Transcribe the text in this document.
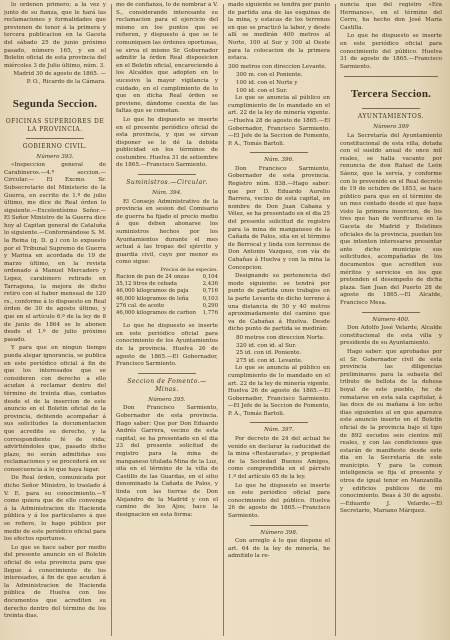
lo ordenen primero; a la vez y junto de su fianza, que le hará las reclamaciones y formalidades que previenen de tenor á la primera y tercera publicacion en la Gaceta del sábado 25 de junio próximo pasado, número 165, y en el Boletin oficial de esta provincia del miércoles 3 de Julio último, núm. 3.

Madrid 30 de agosto de 1865. —P. O., Ricardo de la Cámara.

Segunda Seccion.
OFICINAS SUPERIORES DE LA PROVINCIA.
GOBIERNO CIVIL.
Número 393.

«Inspeccion general de Carabineros.—4.ª seccion.—Circular.— El Excmo. Sr. Subsecretario del Ministerio de la Guerra, en escrito de 1.º de julio último, me dice de Real órden lo siguiente.—Excelentísimo Señor.—El Señor Ministro de la Guerra dice hoy al Capitan general de Cataluña lo siguiente.—Conformándose S. M. la Reina (q. D. g.) con lo expuesto por el Tribunal Supremo de Guerra y Marina en acordada de 19 de marzo último, en la revista ordenado á Manuel Mercadero y Lopez, carabinero retirado en Tarragona, la mejora de dicho retiro con el haber mensual de 120 rs., conforme á lo dispuesto en Real órden de 30 de agosto último, y que en el artículo 6.º de la ley de 8 de junio de 1864 se le abonen desde el 1.º de julio próximo pasado.

Y para que en ningun tiempo pueda alegar ignorancia, se publica en este periódico oficial á fin de que los interesados que se consideren con derecho a ello acudan á reclamar dentro del término de treinta dias, contados desde el de la insercion de este anuncio en el Boletin oficial de la provincia, debiendo acompañar á sus solicitudes la documentacion que acredite su derecho, y la correspondiente fé de vida; advirtiéndoles que, pasado dicho plazo, no serán admitidas sus reclamaciones y se procederá en su consecuencia á lo que haya lugar.

De Real órden, comunicada por dicho Señor Ministro, lo traslado á V. E. para su conocimiento.—Y como quiera que de ello convenga á la Administracion de Hacienda pública y á los particulares á que se refiere, lo hago público por medio de este periódico oficial para los efectos oportunos.

Lo que se hace saber por medio del presente anuncio en el Boletin oficial de esta provincia para que llegue á conocimiento de los interesados, á fin de que acudan á la Administracion de Hacienda pública de Huelva con los documentos que acrediten su derecho dentro del término de los treinta dias.

mo de confianza, lo de nombrar á V. S., considerando interesante su reclamacion para el ejercicio del mismo en los puntos que se refieren, y dispuesto á que se le comuniquen las órdenes oportunas, se sirva el mismo Sr. Gobernador admitir la órden Real disposicion en el Boletin oficial, encareciendo á los Alcaldes que adopten en lo sucesivo la mayor vigilancia y cuidado, en el cumplimiento de lo que en dicha Real órden se previene, dándome cuenta de las faltas que se cometan.

Lo que he dispuesto se inserte en el presente periódico oficial de esta provincia, y que se sirvan disponer se le dé la debida publicidad en los términos de costumbre. Huelva 31 de setiembre de 1865.—Francisco Sarmiento.

Suministros.—Circular.
Núm. 394.

El Consejo Administrativo de la provincia en sesion del Comisario de guerra ha fijado el precio medio á que deben abonarse los suministros hechos por los Ayuntamientos durante el mes actual á las tropas del ejército y guardia civil, cuyo por menor es como sigue:

Precios de las especies.
Racion de pan de 24 onzas	0,104
35,12 litros de cebada	2,436
46,000 kilogramos de paja	0,716
46,000 kilogramos de leña	0,103
276 cal. de aceite	0,290
46,000 kilogramos de carbon	1,776

Lo que he dispuesto se inserte en este periódico oficial para conocimiento de los Ayuntamientos de la provincia. Huelva 26 de agosto de 1865.—El Gobernador, Francisco Sarmiento.

Seccion de Fomento.—Minas.
Número 395.

Don Francisco Sarmiento, Gobernador de esta provincia. Hago saber: Que por Don Eduardo Andrés Garrera, vecino de esta capital, se ha presentado en el dia 23 del presente solicitud de registro para la mina de manganeso titulada Mina de la Luz, sita en el término de la villa de Castillo de las Guardas, en el sitio denominado la Cañada de Palos, y linda con las tierras de Don Alejandro de la Madrid y con el camino de los Ajos; hace la designacion en esta forma:

mado siguiente se tendrá por punto de partida una de las esquinas de la mina, y estacas de los terrenos en que se practicó la labor, y desde allí se medirán 400 metros al Norte, 100 al Sur y 100 al Oeste para la colocacion de la primera estaca.

300 metros con direccion Levante.

300 m. con el Poniente.
100 id. con el Norte y
100 id. con el Sur.

Lo que se anuncia al público en cumplimiento de lo mandado en el art. 22 de la ley de minería vigente.—Huelva 28 de agosto de 1865.—El Gobernador, Francisco Sarmiento.—El Jefe de la Seccion de Fomento, P. A., Tomás Bartoli.

Núm. 396.

Don Francisco Sarmiento, Gobernador de esta provincia. Registro núm. 838.—Hago saber: que por D. Eduardo Aurelio Barrera, vecino de esta capital, en nombre de Don Juan Cabana y Vélez, se ha presentado en el dia 25 del presente solicitud de registro para la mina de manganeso de la Cañada de Palos, sita en el término de Berrocal y linda con terrenos de Don Antonio Vazquez, con vía de Cabañas á Huelva y con la mina la Concepcion.

Designando su pertenencia del modo siguiente: se tendrá por punto de partida unos trabajos en la parte Levante de dicho terreno á una distancia de 50 y 40 metros aproximadamente del camino que va de Cabañas á Huelva. Desde dicho punto de partida se medirán:

80 metros con direccion Norte.
320 id. con id. al Sur.
25 id. con id. Poniente.
275 id. con id. Levante.

Lo que se anuncia al público en cumplimiento de lo mandado en el art. 22 de la ley de minería vigente. Huelva 26 de agosto de 1865.—El Gobernador, Francisco Sarmiento.—El Jefe de la Seccion de Fomento, P. A., Tomás Bartoli.

Núm. 397.

Por decreto de 24 del actual he venido en declarar la caducidad de la mina «Restaurada», y propiedad de la Sociedad Buenos Amigos, como comprendida en el párrafo 1.º del artículo 65 de la ley.

Lo que he dispuesto se inserte en este periódico oficial para conocimiento del público. Huelva 26 de agosto de 1865.—Francisco Sarmiento.

Número 398.

Con arreglo á lo que dispone el art. 64 de la ley de minería, he admitido la re-

nuncia que del registro «Era Hermanos», en el término del Cerro, ha hecho don José María Castilla.

Lo que he dispuesto se inserte en este periódico oficial para conocimiento del público. Huelva 31 de agosto de 1865.—Francisco Sarmiento.

Tercera Seccion.
AYUNTAMIENTOS.
Número 399

La Secretaría del Ayuntamiento constitucional de esta villa, dotada con el sueldo anual de once mil reales, se halla vacante por renuncia de don Rafael de León Sáenz, que la servía, y conforme con lo prevenido en el Real decreto de 19 de octubre de 1853, se hace público para que en el término de un mes contado desde el que haya visto la primera insercion, de los tres que han de verificarse en la Gaceta de Madrid y Boletines oficiales de la provincia, puedan los que intenten interesarse presentar ante dicho municipio sus solicitudes, acompañadas de los documentos que acrediten sus méritos y servicios en los que pretenden el desempeño de dicha plaza. San Juan del Puerto 28 de agosto de 1865.—El Alcalde, Francisco Mesa.

Número 400.

Don Adolfo José Velarde, Alcalde constitucional de esta villa y presidente de su Ayuntamiento.

Hago saber: que aprobadas por el Sr. Gobernador civil de esta provincia las diligencias preliminares para la subasta del tributo de bellota de la dehesa boyal de este pueblo, he de rematarse en esta sala capitular, á las doce de su mañana á los ocho dias siguientes al en que aparezca este anuncio inserto en el Boletin oficial de la provincia bajo el tipo de 892 escudos seis cientos mil reales, y con las condiciones que estarán de manifiesto desde este dia en la Secretaría de este municipio. Y para la comun inteligencia se fija el presente y otros de igual tenor en Manzanilla y edificios publicos de mi conocimiento. Beas á 30 de agosto.—Eduardo J. Velarde.—El Secretario, Mariano Márquez.
